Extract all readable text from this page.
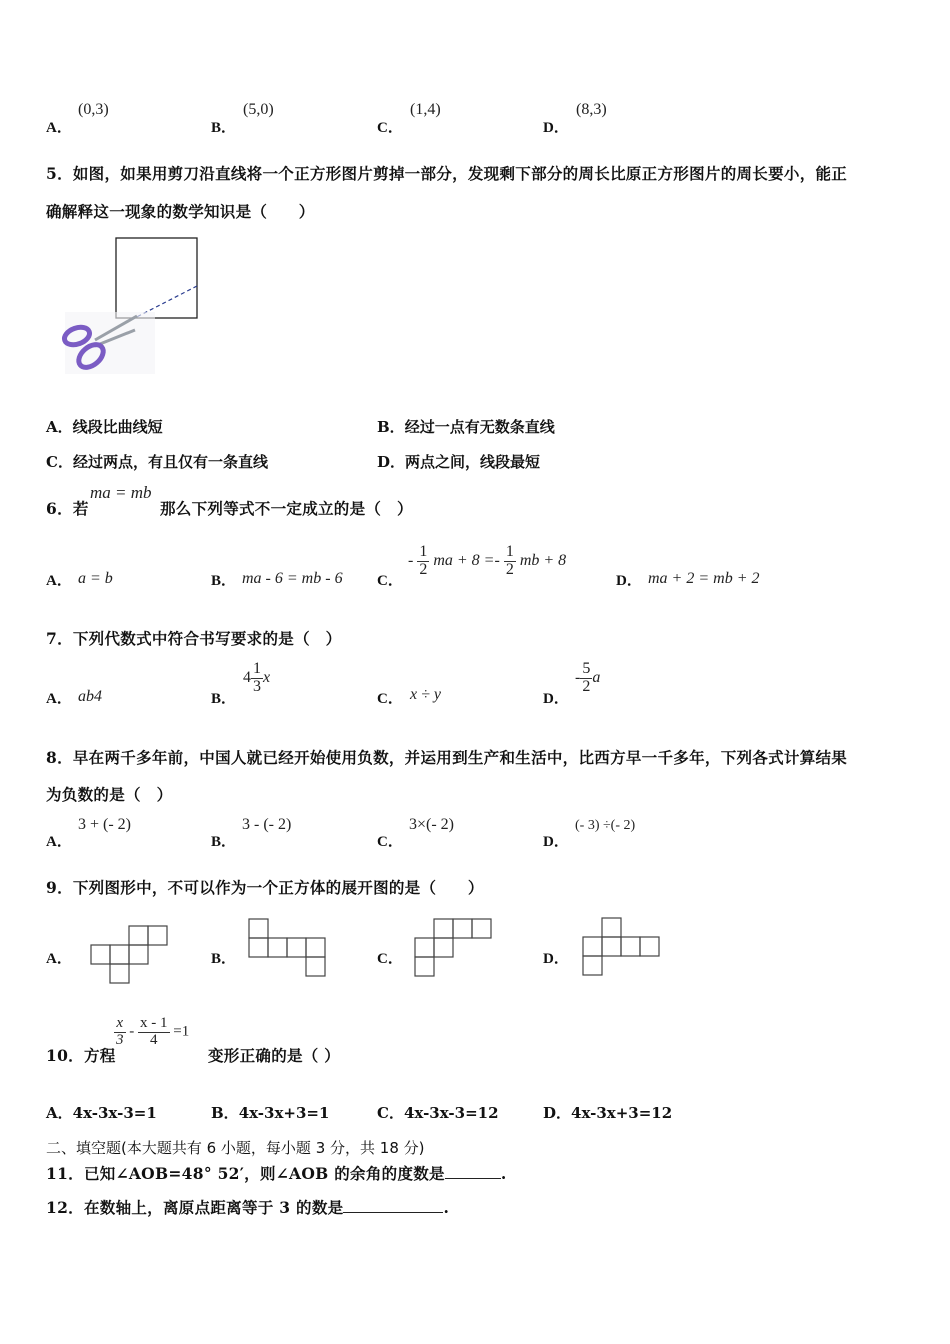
A．
(0,3)
B．
(5,0)
C．
(1,4)
D．
(8,3)
5．如图，如果用剪刀沿直线将一个正方形图片剪掉一部分，发现剩下部分的周长比原正方形图片的周长要小，能正
确解释这一现象的数学知识是（　　）
A．线段比曲线短	B．经过一点有无数条直线
C．经过两点，有且仅有一条直线	D．两点之间，线段最短
6．若
ma = mb
那么下列等式不一定成立的是（　）
A． a = b	B． ma - 6 = mb - 6 C．
- $\frac{1}{2}$ ma + $8 =- \frac{1}{2}$ mb + 8
D． ma + 2 = mb + 2
7．下列代数式中符合书写要求的是（　）
A． ab4	B．
$4 \frac{1}{3}$ x
C． x ÷ y	D．
- $\frac{5}{2}$ a
8．早在两千多年前，中国人就已经开始使用负数，并运用到生产和生活中，比西方早一千多年，下列各式计算结果
为负数的是（　）
A．
3 + (- 2)
B．
3 - (- 2)
C．
3×(- 2)
D．
(- 3) ÷(- 2)
9．下列图形中，不可以作为一个正方体的展开图的是（　　）
A．	B．	C．	D．
10．方程
$\frac{x}{3} - \frac{x - 1}{4} =1$
变形正确的是（ ）
A．4x-3x-3=1	B．4x-3x+3=1	C．4x-3x-3=12	D．4x-3x+3=12
二、填空题(本大题共有 6 小题，每小题 3 分，共 18 分)
11．已知∠AOB=48° 52′，则∠AOB 的余角的度数是	.
12．在数轴上，离原点距离等于 3 的数是	.
